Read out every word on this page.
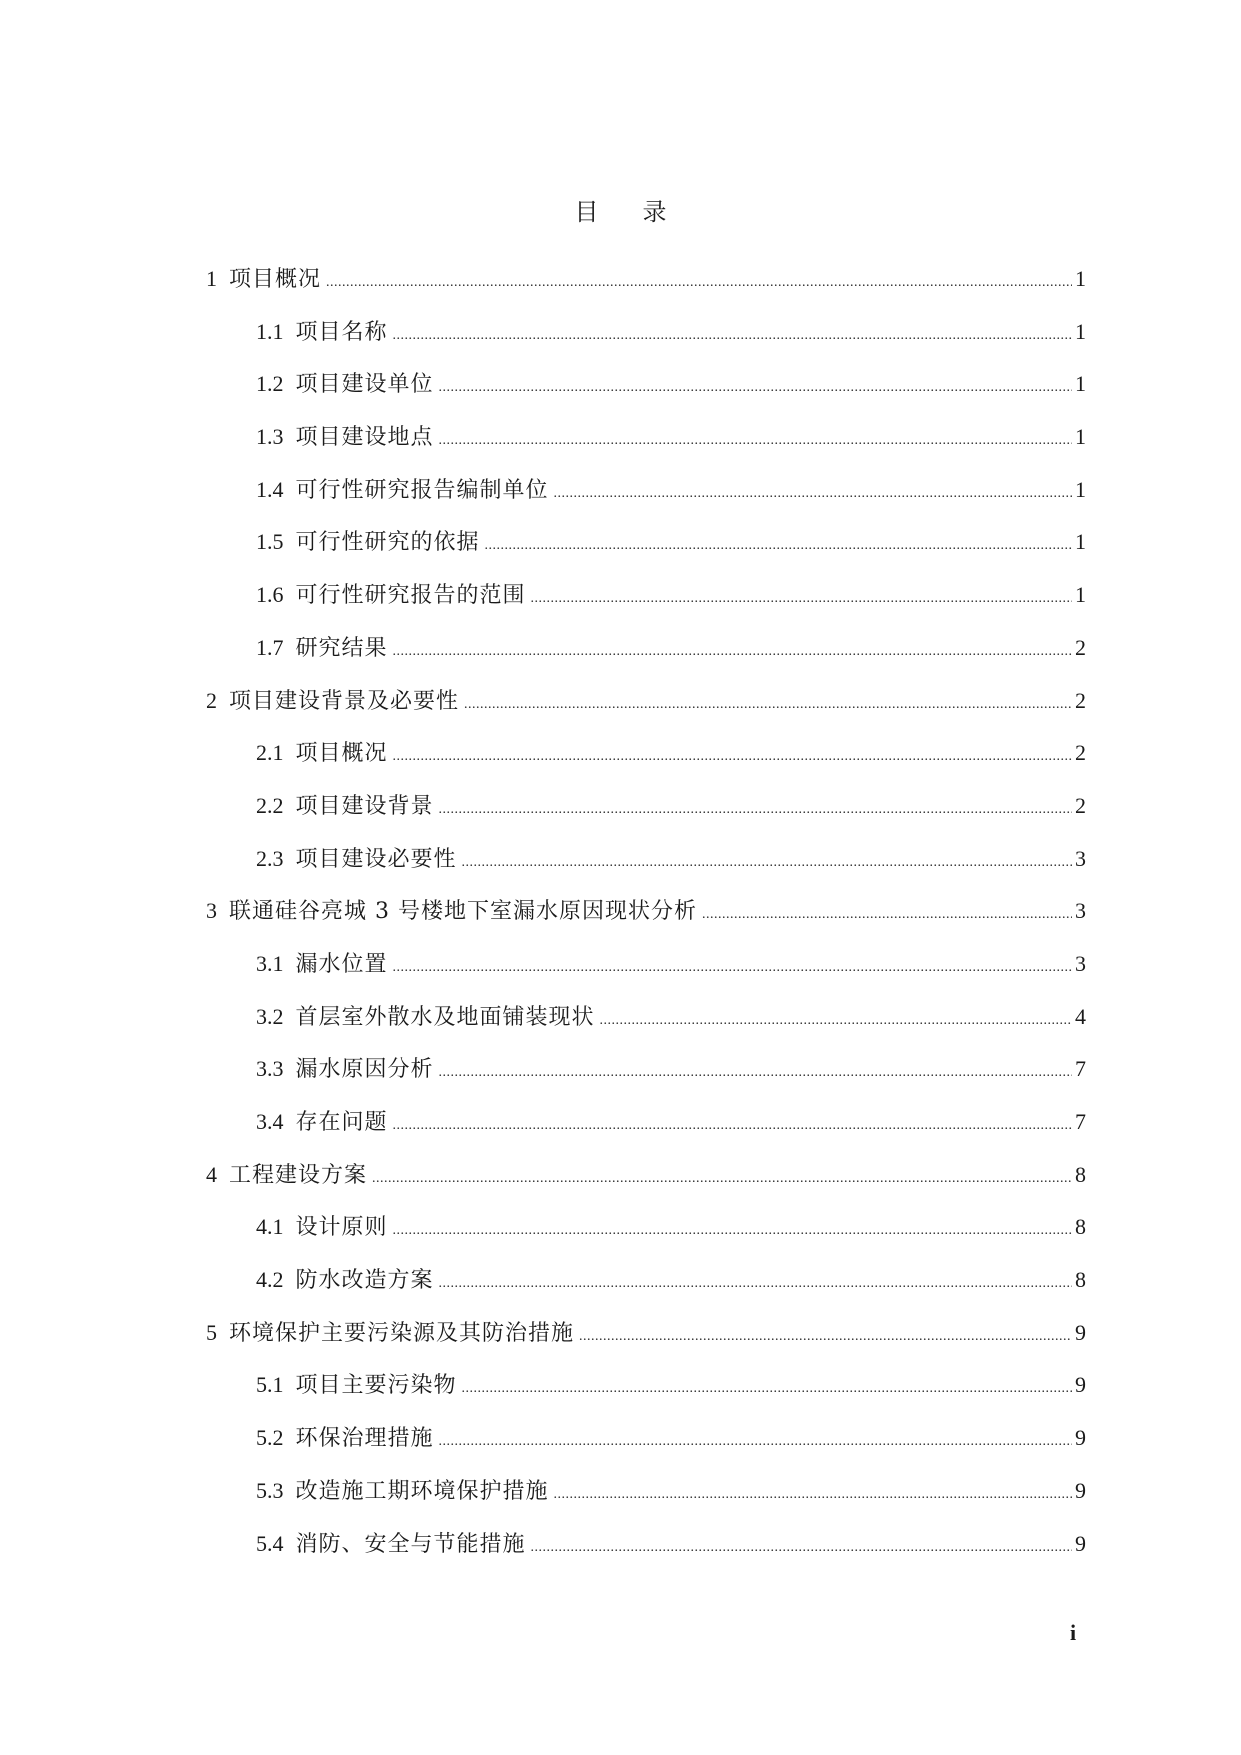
目录
1 项目概况 .....	1
1.1 项目名称 .....	1
1.2 项目建设单位 .....	1
1.3 项目建设地点 .....	1
1.4 可行性研究报告编制单位 .....	1
1.5 可行性研究的依据 .....	1
1.6 可行性研究报告的范围 .....	1
1.7 研究结果 .....	2
2 项目建设背景及必要性 .....	2
2.1 项目概况 .....	2
2.2 项目建设背景 .....	2
2.3 项目建设必要性 .....	3
3 联通硅谷亮城 3 号楼地下室漏水原因现状分析 .....	3
3.1 漏水位置 .....	3
3.2 首层室外散水及地面铺装现状 .....	4
3.3 漏水原因分析 .....	7
3.4 存在问题 .....	7
4 工程建设方案 .....	8
4.1 设计原则 .....	8
4.2 防水改造方案 .....	8
5 环境保护主要污染源及其防治措施 .....	9
5.1 项目主要污染物 .....	9
5.2 环保治理措施 .....	9
5.3 改造施工期环境保护措施 .....	9
5.4 消防、安全与节能措施 .....	9
i
